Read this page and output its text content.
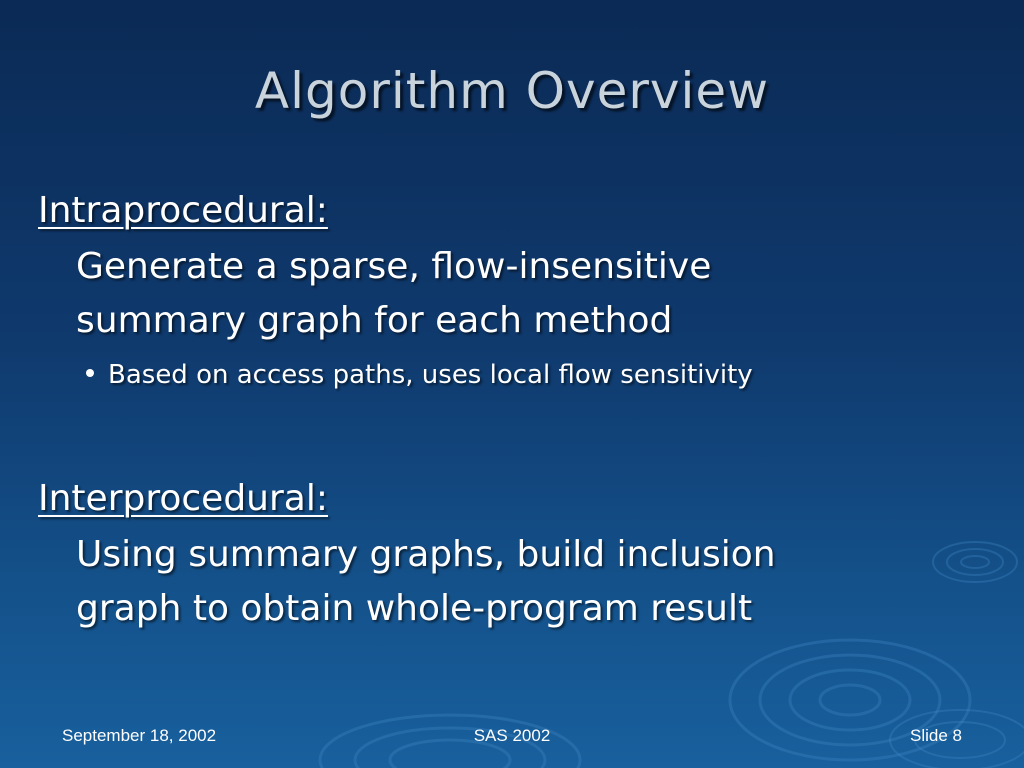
Algorithm Overview
Intraprocedural:
Generate a sparse, flow-insensitive
summary graph for each method
Based on access paths, uses local flow sensitivity
Interprocedural:
Using summary graphs, build inclusion
graph to obtain whole-program result
September 18, 2002	SAS 2002	Slide 8
